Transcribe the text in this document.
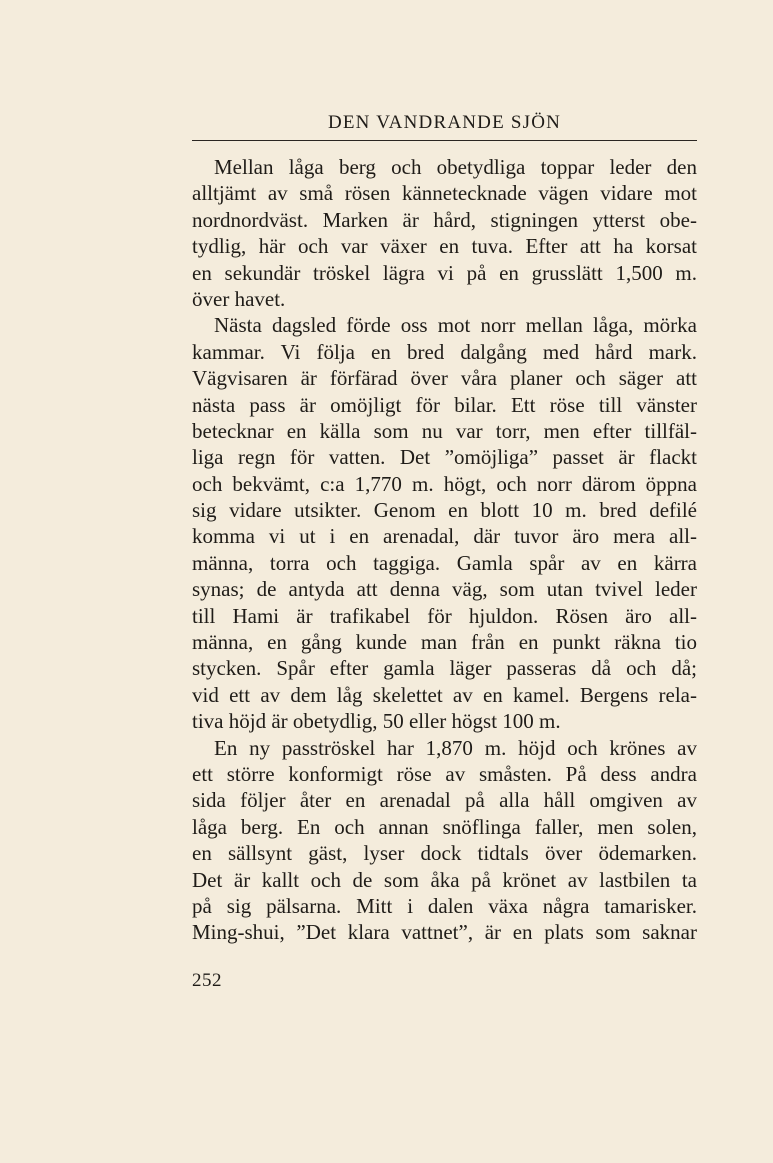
DEN VANDRANDE SJÖN
Mellan låga berg och obetydliga toppar leder den
alltjämt av små rösen kännetecknade vägen vidare mot
nordnordväst. Marken är hård, stigningen ytterst obe-
tydlig, här och var växer en tuva. Efter att ha korsat
en sekundär tröskel lägra vi på en grusslätt 1,500 m.
över havet.
Nästa dagsled förde oss mot norr mellan låga, mörka
kammar. Vi följa en bred dalgång med hård mark.
Vägvisaren är förfärad över våra planer och säger att
nästa pass är omöjligt för bilar. Ett röse till vänster
betecknar en källa som nu var torr, men efter tillfäl-
liga regn för vatten. Det ”omöjliga” passet är flackt
och bekvämt, c:a 1,770 m. högt, och norr därom öppna
sig vidare utsikter. Genom en blott 10 m. bred defilé
komma vi ut i en arenadal, där tuvor äro mera all-
männa, torra och taggiga. Gamla spår av en kärra
synas; de antyda att denna väg, som utan tvivel leder
till Hami är trafikabel för hjuldon. Rösen äro all-
männa, en gång kunde man från en punkt räkna tio
stycken. Spår efter gamla läger passeras då och då;
vid ett av dem låg skelettet av en kamel. Bergens rela-
tiva höjd är obetydlig, 50 eller högst 100 m.
En ny pasströskel har 1,870 m. höjd och krönes av
ett större konformigt röse av småsten. På dess andra
sida följer åter en arenadal på alla håll omgiven av
låga berg. En och annan snöflinga faller, men solen,
en sällsynt gäst, lyser dock tidtals över ödemarken.
Det är kallt och de som åka på krönet av lastbilen ta
på sig pälsarna. Mitt i dalen växa några tamarisker.
Ming-shui, ”Det klara vattnet”, är en plats som saknar
252
